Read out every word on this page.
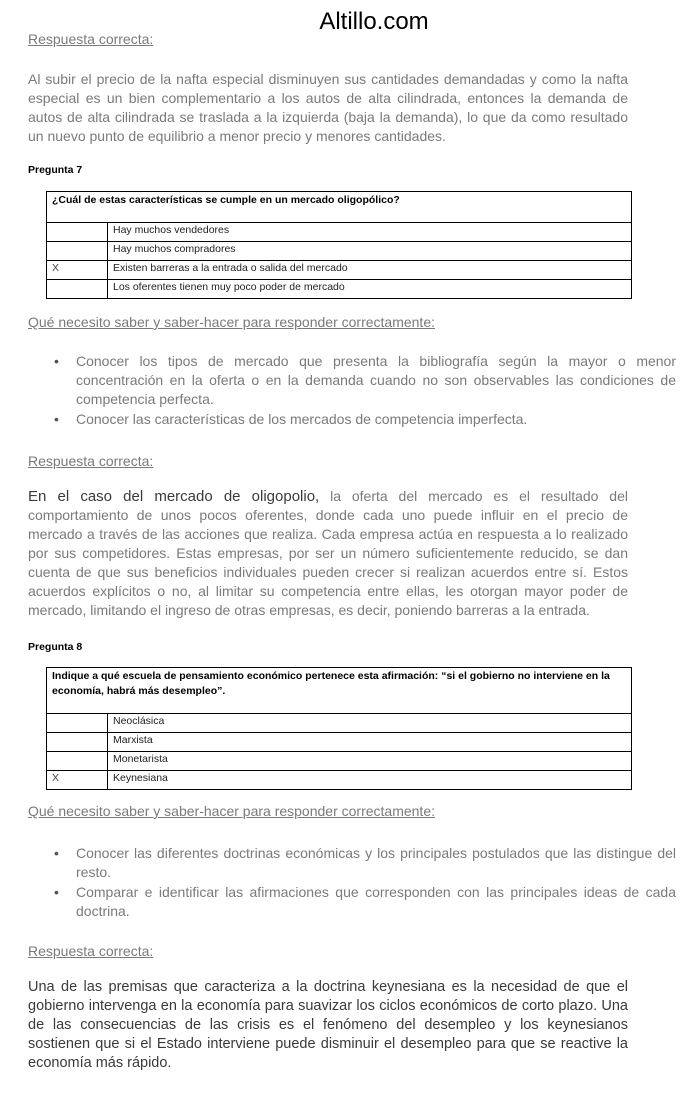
Altillo.com

Respuesta correcta:

Al subir el precio de la nafta especial disminuyen sus cantidades demandadas y como la nafta especial es un bien complementario a los autos de alta cilindrada, entonces la demanda de autos de alta cilindrada se traslada a la izquierda (baja la demanda), lo que da como resultado un nuevo punto de equilibrio a menor precio y menores cantidades.

Pregunta 7

¿Cuál de estas características se cumple en un mercado oligopólico?	
	Hay muchos vendedores
	Hay muchos compradores
X	Existen barreras a la entrada o salida del mercado
	Los oferentes tienen muy poco poder de mercado

Qué necesito saber y saber-hacer para responder correctamente:

• Conocer los tipos de mercado que presenta la bibliografía según la mayor o menor concentración en la oferta o en la demanda cuando no son observables las condiciones de competencia perfecta.
• Conocer las características de los mercados de competencia imperfecta.

Respuesta correcta:

En el caso del mercado de oligopolio, la oferta del mercado es el resultado del comportamiento de unos pocos oferentes, donde cada uno puede influir en el precio de mercado a través de las acciones que realiza. Cada empresa actúa en respuesta a lo realizado por sus competidores. Estas empresas, por ser un número suficientemente reducido, se dan cuenta de que sus beneficios individuales pueden crecer si realizan acuerdos entre sí. Estos acuerdos explícitos o no, al limitar su competencia entre ellas, les otorgan mayor poder de mercado, limitando el ingreso de otras empresas, es decir, poniendo barreras a la entrada.

Pregunta 8

Indique a qué escuela de pensamiento económico pertenece esta afirmación: “si el gobierno no interviene en la economía, habrá más desempleo”.	
	Neoclásica
	Marxista
	Monetarista
X	Keynesiana

Qué necesito saber y saber-hacer para responder correctamente:

• Conocer las diferentes doctrinas económicas y los principales postulados que las distingue del resto.
• Comparar e identificar las afirmaciones que corresponden con las principales ideas de cada doctrina.

Respuesta correcta:

Una de las premisas que caracteriza a la doctrina keynesiana es la necesidad de que el gobierno intervenga en la economía para suavizar los ciclos económicos de corto plazo. Una de las consecuencias de las crisis es el fenómeno del desempleo y los keynesianos sostienen que si el Estado interviene puede disminuir el desempleo para que se reactive la economía más rápido.
